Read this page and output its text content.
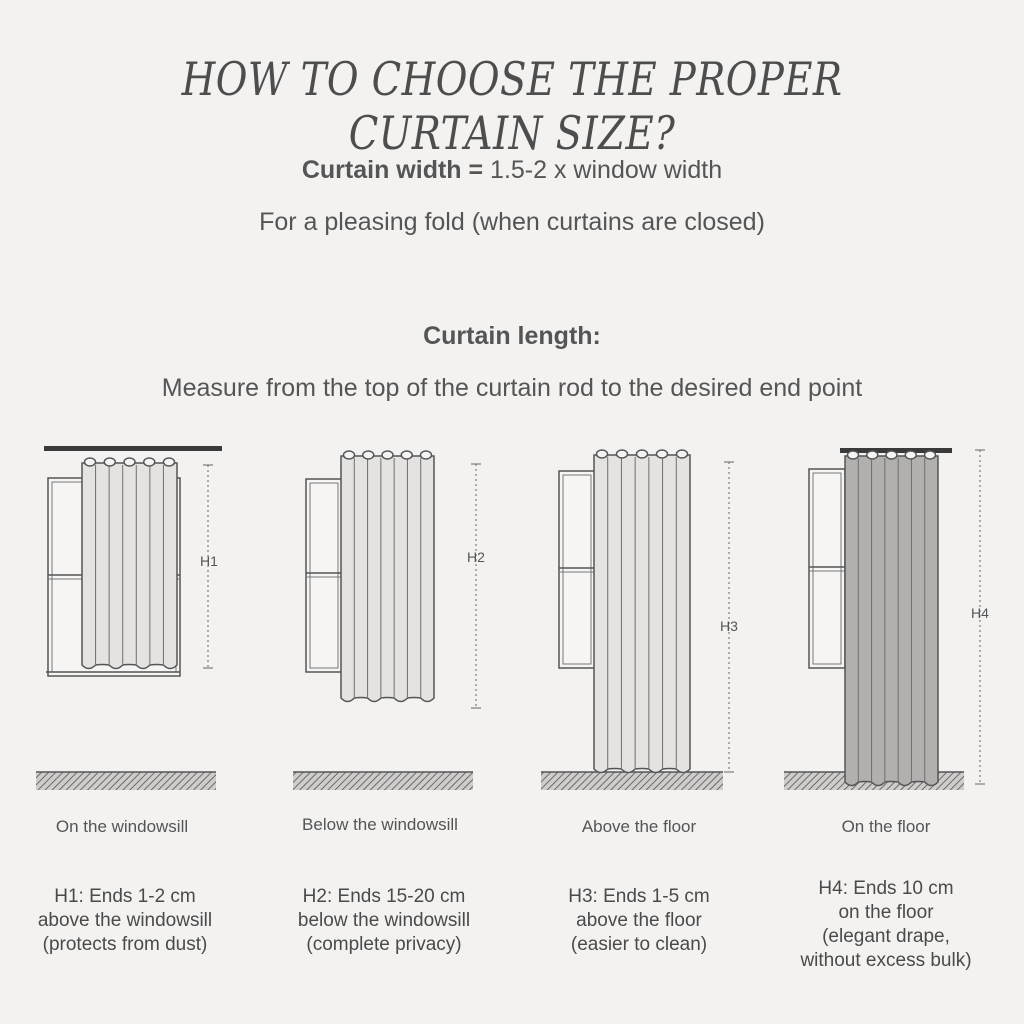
HOW TO CHOOSE THE PROPER CURTAIN SIZE?
Curtain width = 1.5-2 x window width
For a pleasing fold (when curtains are closed)
Curtain length:
Measure from the top of the curtain rod to the desired end point
H1	H2
H3
H4
On the windowsill	Below the windowsill	Above the floor	On the floor
H1: Ends 1-2 cm
above the windowsill
(protects from dust)
H2: Ends 15-20 cm
below the windowsill
(complete privacy)
H3: Ends 1-5 cm
above the floor
(easier to clean)
H4: Ends 10 cm
on the floor
(elegant drape,
without excess bulk)
